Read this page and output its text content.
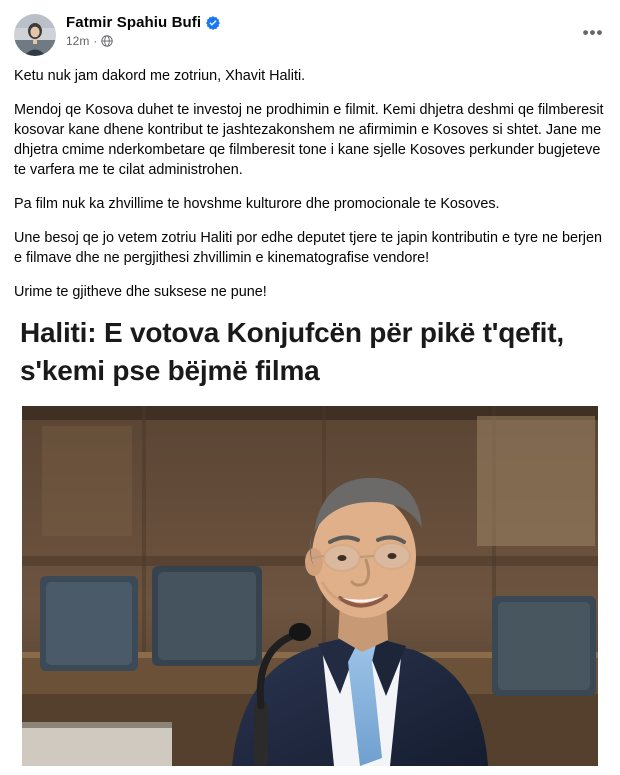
Fatmir Spahiu Bufi
12m ·	•••

Ketu nuk jam dakord me zotriun, Xhavit Haliti.

Mendoj qe Kosova duhet te investoj ne prodhimin e filmit. Kemi dhjetra deshmi qe filmberesit kosovar kane dhene kontribut te jashtezakonshem ne afirmimin e Kosoves si shtet. Jane me dhjetra cmime nderkombetare qe filmberesit tone i kane sjelle Kosoves perkunder bugjeteve te varfera me te cilat administrohen.

Pa film nuk ka zhvillime te hovshme kulturore dhe promocionale te Kosoves.

Une besoj qe jo vetem zotriu Haliti por edhe deputet tjere te japin kontributin e tyre ne berjen e filmave dhe ne pergjithesi zhvillimin e kinematografise vendore!

Urime te gjitheve dhe suksese ne pune!

Haliti: E votova Konjufcën për pikë t'qefit, s'kemi pse bëjmë filma
